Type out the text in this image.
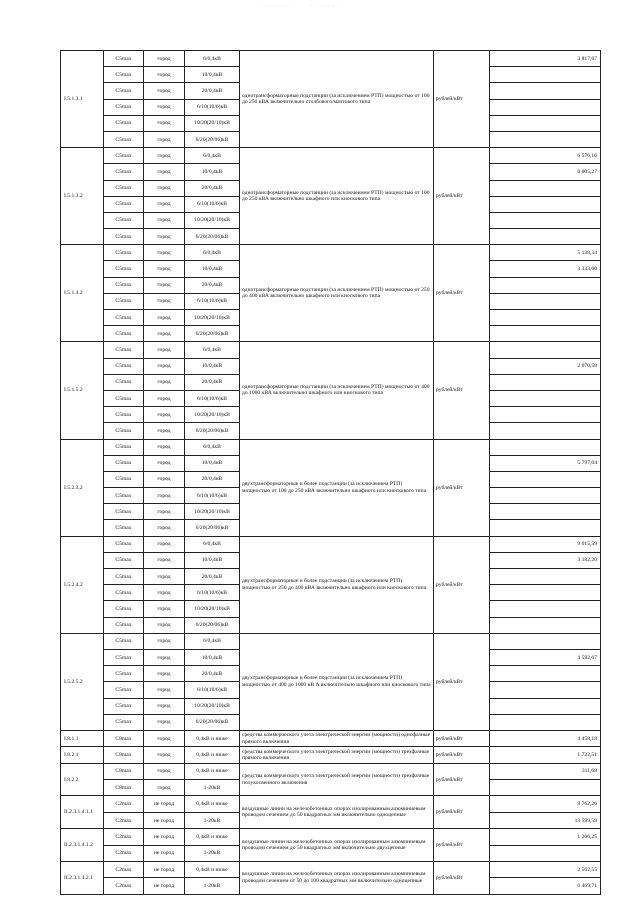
· ·· · ·· · ·	· · · ·· · ·
I.5.1.3.1	C5max	город	6/0,4кВ	однотрансформаторные подстанции (за исключением РТП) мощностью от 100 до 250 кВА включительно столбового/мачтового типа	рублей/кВт	3 817,67
	C5max	город	10/0,4кВ			
	C5max	город	20/0,4кВ			
	C5max	город	6/10(10/6)кВ			
	C5max	город	10/20(20/10)кВ			
	C5max	город	6/20(20/06)кВ			
I.5.1.3.2	C5max	город	6/0,4кВ	однотрансформаторные подстанции (за исключением РТП) мощностью от 100 до 250 кВА включительно шкафного или киоскового типа	рублей/кВт	6 576,16
	C5max	город	10/0,4кВ			6 005,27
	C5max	город	20/0,4кВ			
	C5max	город	6/10(10/6)кВ			
	C5max	город	10/20(20/10)кВ			
	C5max	город	6/20(20/06)кВ			
I.5.1.4.2	C5max	город	6/0,4кВ	однотрансформаторные подстанции (за исключением РТП) мощностью от 250 до 400 кВА включительно шкафного или киоскового типа	рублей/кВт	5 138,34
	C5max	город	10/0,4кВ			3 333,60
	C5max	город	20/0,4кВ			
	C5max	город	6/10(10/6)кВ			
	C5max	город	10/20(20/10)кВ			
	C5max	город	6/20(20/06)кВ			
I.5.1.5.2	C5max	город	6/0,4кВ	однотрансформаторные подстанции (за исключением РТП) мощностью от 400 до 1000 кВА включительно шкафного или киоскового типа	рублей/кВт	
	C5max	город	10/0,4кВ			2 070,58
	C5max	город	20/0,4кВ			
	C5max	город	6/10(10/6)кВ			
	C5max	город	10/20(20/10)кВ			
	C5max	город	6/20(20/06)кВ			
I.5.2.3.2	C5max	город	6/0,4кВ	двухтрансформаторные и более подстанции (за исключением РТП) мощностью от 100 до 250 кВА включительно шкафного или киоскового типа	рублей/кВт	
	C5max	город	10/0,4кВ			5 797,04
	C5max	город	20/0,4кВ			
	C5max	город	6/10(10/6)кВ			
	C5max	город	10/20(20/10)кВ			
	C5max	город	6/20(20/06)кВ			
I.5.2.4.2	C5max	город	6/0,4кВ	двухтрансформаторные и более подстанции (за исключением РТП) мощностью от 250 до 400 кВА включительно шкафного или киоскового типа	рублей/кВт	9 015,59
	C5max	город	10/0,4кВ			3 182,20
	C5max	город	20/0,4кВ			
	C5max	город	6/10(10/6)кВ			
	C5max	город	10/20(20/10)кВ			
	C5max	город	6/20(20/06)кВ			
I.5.2.5.2	C5max	город	6/0,4кВ	двухтрансформаторные и более подстанции (за исключением РТП) мощностью от 400 до 1000 кВ А включительно шкафного или киоскового типа	рублей/кВт	
	C5max	город	10/0,4кВ			4 592,67
	C5max	город	20/0,4кВ			
	C5max	город	6/10(10/6)кВ			
	C5max	город	10/20(20/10)кВ			
	C5max	город	6/20(20/06)кВ			
I.8.1.1	C8max	город	0,4кВ и ниже	средства коммерческого учета электрической энергии (мощности) однофазные прямого включения	рублей/кВт	4 458,18
I.8.2.1	C8max	город	0,4кВ и ниже	средства коммерческого учета электрической энергии (мощности) трехфазные прямого включения	рублей/кВт	1 722,51
I.8.2.2	C8max	город	0,4кВ и ниже	средства коммерческого учета электрической энергии (мощности) трехфазные полукосвенного включения	рублей/кВт	311,68
	C8max	город	1-20кВ			
II.2.3.1.4.1.1	C2max	не город	0,4кВ и ниже	воздушные линии на железобетонных опорах изолированным алюминиевым проводом сечением до 50 квадратных мм включительно одноцепные	рублей/кВт	8 762,26
	C2max	не город	1-20кВ			13 599,59
II.2.3.1.4.1.2	C2max	не город	0,4кВ и ниже	воздушные линии на железобетонных опорах изолированным алюминиевым проводом сечением до 50 квадратных мм включительно двухцепные	рублей/кВт	1 266,25
	C2max	не город	1-20кВ			
II.2.3.1.4.2.1	C2max	не город	0,4кВ и ниже	воздушные линии на железобетонных опорах изолированным алюминиевым проводом сечением от 50 до 100 квадратных мм включительно одноцепные	рублей/кВт	2 562,55
	C2max	не город	1-20кВ			6 469,71
